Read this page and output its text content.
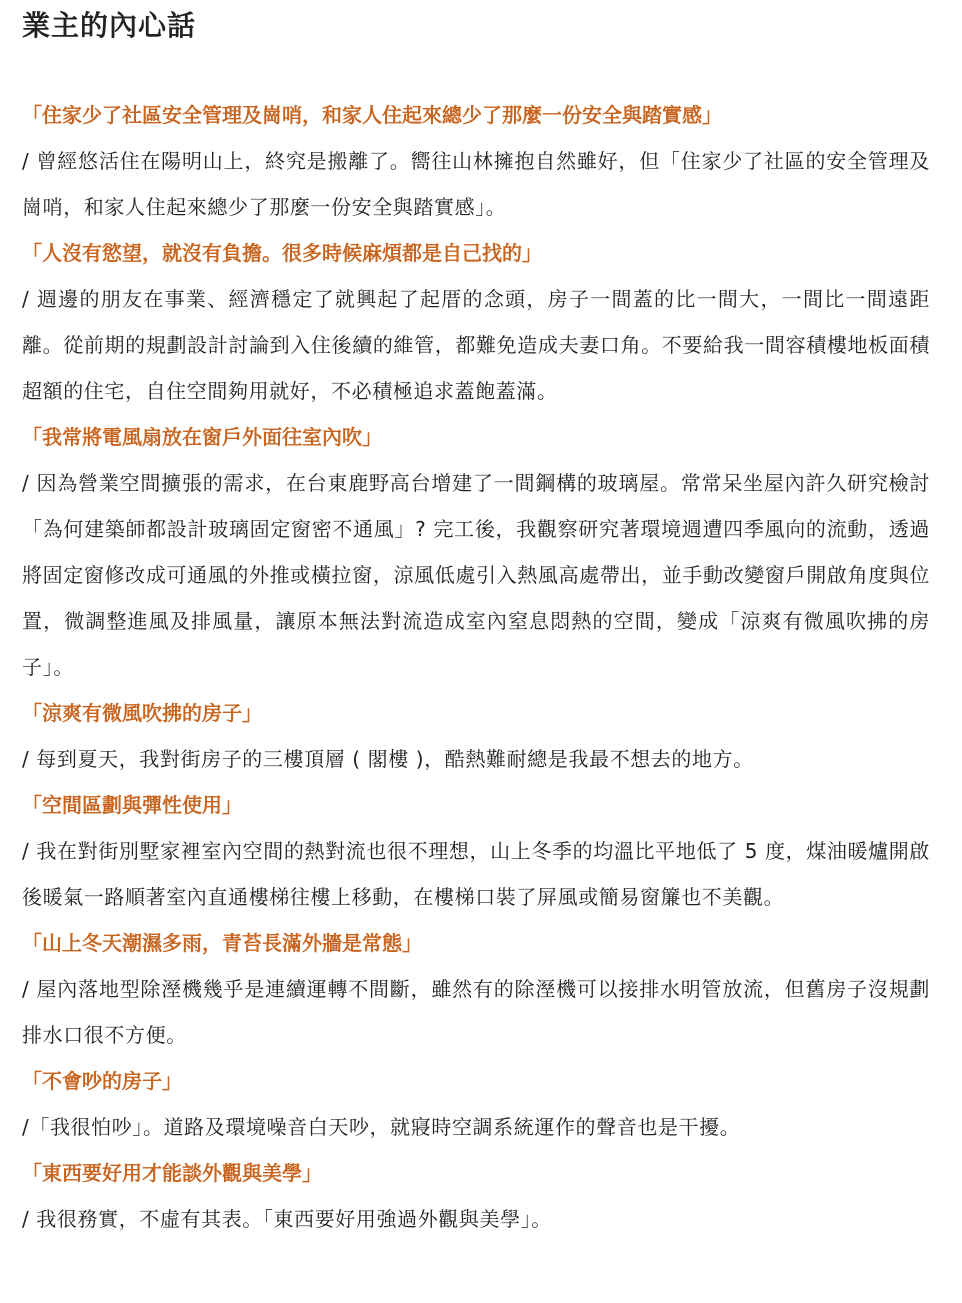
業主的內心話

「住家少了社區安全管理及崗哨，和家人住起來總少了那麼一份安全與踏實感」

/ 曾經悠活住在陽明山上，終究是搬離了。嚮往山林擁抱自然雖好，但「住家少了社區的安全管理及崗哨，和家人住起來總少了那麼一份安全與踏實感」。

「人沒有慾望，就沒有負擔。很多時候麻煩都是自己找的」

/ 週邊的朋友在事業、經濟穩定了就興起了起厝的念頭，房子一間蓋的比一間大，一間比一間遠距離。從前期的規劃設計討論到入住後續的維管，都難免造成夫妻口角。不要給我一間容積樓地板面積超額的住宅，自住空間夠用就好，不必積極追求蓋飽蓋滿。

「我常將電風扇放在窗戶外面往室內吹」

/ 因為營業空間擴張的需求，在台東鹿野高台增建了一間鋼構的玻璃屋。常常呆坐屋內許久研究檢討「為何建築師都設計玻璃固定窗密不通風」? 完工後，我觀察研究著環境週遭四季風向的流動，透過將固定窗修改成可通風的外推或橫拉窗，涼風低處引入熱風高處帶出，並手動改變窗戶開啟角度與位置，微調整進風及排風量，讓原本無法對流造成室內窒息悶熱的空間，變成「涼爽有微風吹拂的房子」。

「涼爽有微風吹拂的房子」

/ 每到夏天，我對街房子的三樓頂層 ( 閣樓 )，酷熱難耐總是我最不想去的地方。

「空間區劃與彈性使用」

/ 我在對街別墅家裡室內空間的熱對流也很不理想，山上冬季的均溫比平地低了 5 度，煤油暖爐開啟後暖氣一路順著室內直通樓梯往樓上移動，在樓梯口裝了屏風或簡易窗簾也不美觀。

「山上冬天潮濕多雨，青苔長滿外牆是常態」

/ 屋內落地型除溼機幾乎是連續運轉不間斷，雖然有的除溼機可以接排水明管放流，但舊房子沒規劃排水口很不方便。

「不會吵的房子」

/「我很怕吵」。道路及環境噪音白天吵，就寢時空調系統運作的聲音也是干擾。

「東西要好用才能談外觀與美學」

/ 我很務實，不虛有其表。「東西要好用強過外觀與美學」。
